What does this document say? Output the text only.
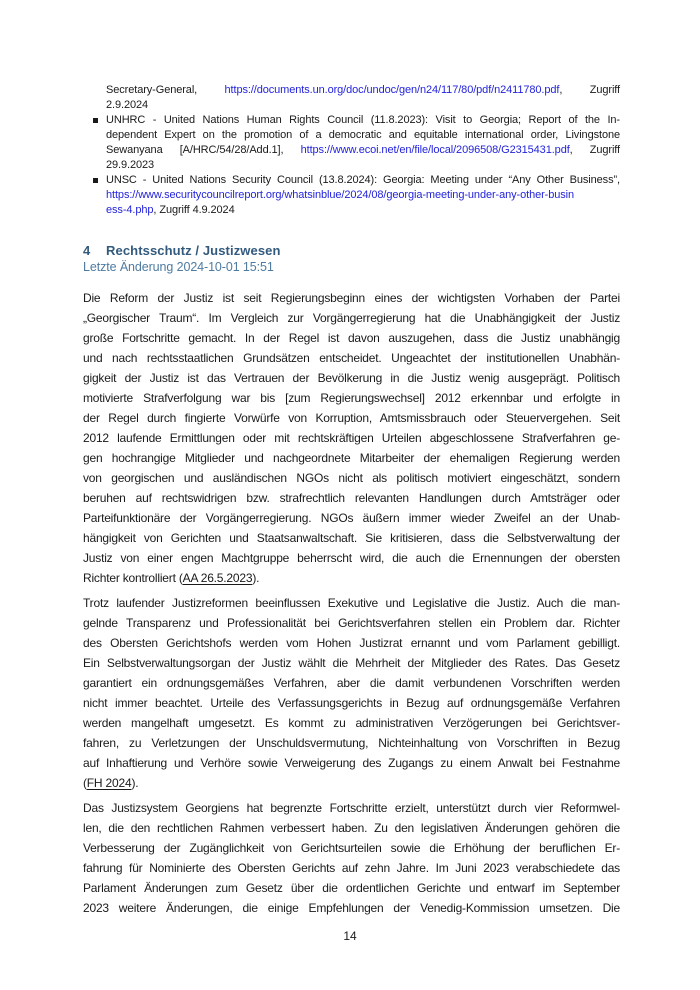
Secretary-General, https://documents.un.org/doc/undoc/gen/n24/117/80/pdf/n2411780.pdf, Zugriff
2.9.2024
UNHRC - United Nations Human Rights Council (11.8.2023): Visit to Georgia; Report of the In-
dependent Expert on the promotion of a democratic and equitable international order, Livingstone
Sewanyana [A/HRC/54/28/Add.1], https://www.ecoi.net/en/file/local/2096508/G2315431.pdf, Zugriff
29.9.2023
UNSC - United Nations Security Council (13.8.2024): Georgia: Meeting under “Any Other Business”,
https://www.securitycouncilreport.org/whatsinblue/2024/08/georgia-meeting-under-any-other-busin
ess-4.php, Zugriff 4.9.2024
4 Rechtsschutz / Justizwesen
Letzte Änderung 2024-10-01 15:51
Die Reform der Justiz ist seit Regierungsbeginn eines der wichtigsten Vorhaben der Partei
„Georgischer Traum“. Im Vergleich zur Vorgängerregierung hat die Unabhängigkeit der Justiz
große Fortschritte gemacht. In der Regel ist davon auszugehen, dass die Justiz unabhängig
und nach rechtsstaatlichen Grundsätzen entscheidet. Ungeachtet der institutionellen Unabhän-
gigkeit der Justiz ist das Vertrauen der Bevölkerung in die Justiz wenig ausgeprägt. Politisch
motivierte Strafverfolgung war bis [zum Regierungswechsel] 2012 erkennbar und erfolgte in
der Regel durch fingierte Vorwürfe von Korruption, Amtsmissbrauch oder Steuervergehen. Seit
2012 laufende Ermittlungen oder mit rechtskräftigen Urteilen abgeschlossene Strafverfahren ge-
gen hochrangige Mitglieder und nachgeordnete Mitarbeiter der ehemaligen Regierung werden
von georgischen und ausländischen NGOs nicht als politisch motiviert eingeschätzt, sondern
beruhen auf rechtswidrigen bzw. strafrechtlich relevanten Handlungen durch Amtsträger oder
Parteifunktionäre der Vorgängerregierung. NGOs äußern immer wieder Zweifel an der Unab-
hängigkeit von Gerichten und Staatsanwaltschaft. Sie kritisieren, dass die Selbstverwaltung der
Justiz von einer engen Machtgruppe beherrscht wird, die auch die Ernennungen der obersten
Richter kontrolliert (AA 26.5.2023).
Trotz laufender Justizreformen beeinflussen Exekutive und Legislative die Justiz. Auch die man-
gelnde Transparenz und Professionalität bei Gerichtsverfahren stellen ein Problem dar. Richter
des Obersten Gerichtshofs werden vom Hohen Justizrat ernannt und vom Parlament gebilligt.
Ein Selbstverwaltungsorgan der Justiz wählt die Mehrheit der Mitglieder des Rates. Das Gesetz
garantiert ein ordnungsgemäßes Verfahren, aber die damit verbundenen Vorschriften werden
nicht immer beachtet. Urteile des Verfassungsgerichts in Bezug auf ordnungsgemäße Verfahren
werden mangelhaft umgesetzt. Es kommt zu administrativen Verzögerungen bei Gerichtsver-
fahren, zu Verletzungen der Unschuldsvermutung, Nichteinhaltung von Vorschriften in Bezug
auf Inhaftierung und Verhöre sowie Verweigerung des Zugangs zu einem Anwalt bei Festnahme
(FH 2024).
Das Justizsystem Georgiens hat begrenzte Fortschritte erzielt, unterstützt durch vier Reformwel-
len, die den rechtlichen Rahmen verbessert haben. Zu den legislativen Änderungen gehören die
Verbesserung der Zugänglichkeit von Gerichtsurteilen sowie die Erhöhung der beruflichen Er-
fahrung für Nominierte des Obersten Gerichts auf zehn Jahre. Im Juni 2023 verabschiedete das
Parlament Änderungen zum Gesetz über die ordentlichen Gerichte und entwarf im September
2023 weitere Änderungen, die einige Empfehlungen der Venedig-Kommission umsetzen. Die
14
